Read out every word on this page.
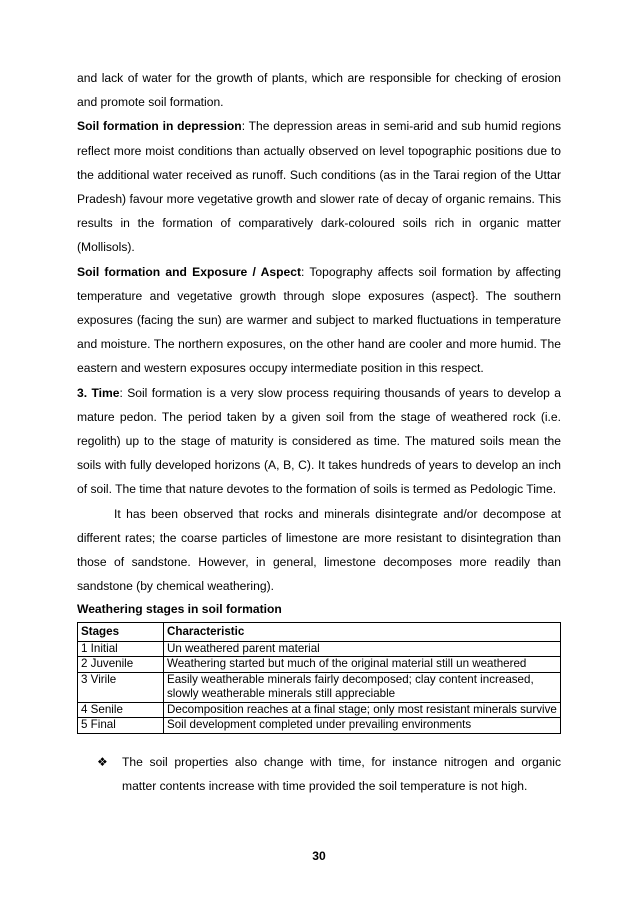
and lack of water for the growth of plants, which are responsible for checking of erosion and promote soil formation.

Soil formation in depression: The depression areas in semi-arid and sub humid regions reflect more moist conditions than actually observed on level topographic positions due to the additional water received as runoff. Such conditions (as in the Tarai region of the Uttar Pradesh) favour more vegetative growth and slower rate of decay of organic remains. This results in the formation of comparatively dark-coloured soils rich in organic matter (Mollisols).

Soil formation and Exposure / Aspect: Topography affects soil formation by affecting temperature and vegetative growth through slope exposures (aspect}. The southern exposures (facing the sun) are warmer and subject to marked fluctuations in temperature and moisture. The northern exposures, on the other hand are cooler and more humid. The eastern and western exposures occupy intermediate position in this respect.

3. Time: Soil formation is a very slow process requiring thousands of years to develop a mature pedon. The period taken by a given soil from the stage of weathered rock (i.e. regolith) up to the stage of maturity is considered as time. The matured soils mean the soils with fully developed horizons (A, B, C). It takes hundreds of years to develop an inch of soil. The time that nature devotes to the formation of soils is termed as Pedologic Time.

It has been observed that rocks and minerals disintegrate and/or decompose at different rates; the coarse particles of limestone are more resistant to disintegration than those of sandstone. However, in general, limestone decomposes more readily than sandstone (by chemical weathering).

Weathering stages in soil formation

Stages	Characteristic
1 Initial	Un weathered parent material
2 Juvenile	Weathering started but much of the original material still un weathered
3 Virile	Easily weatherable minerals fairly decomposed; clay content increased, slowly weatherable minerals still appreciable
4 Senile	Decomposition reaches at a final stage; only most resistant minerals survive
5 Final	Soil development completed under prevailing environments
❖ The soil properties also change with time, for instance nitrogen and organic matter contents increase with time provided the soil temperature is not high.
30
